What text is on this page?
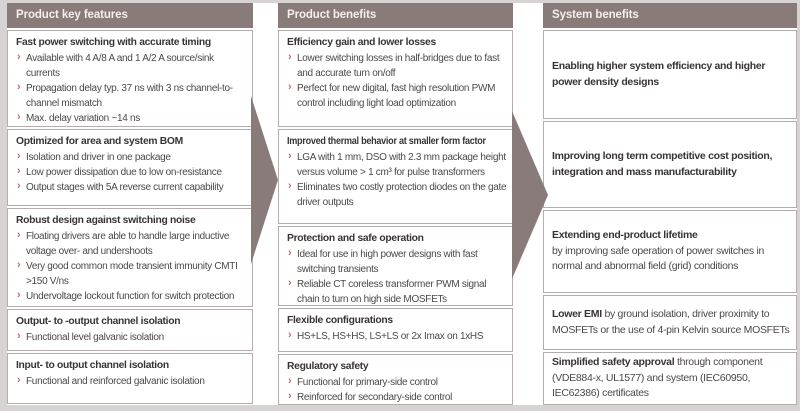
Product key features
Fast power switching with accurate timing
› Available with 4 A/8 A and 1 A/2 A source/sink currents
› Propagation delay typ. 37 ns with 3 ns channel-to-channel mismatch
› Max. delay variation ~14 ns
Optimized for area and system BOM
› Isolation and driver in one package
› Low power dissipation due to low on-resistance
› Output stages with 5A reverse current capability
Robust design against switching noise
› Floating drivers are able to handle large inductive voltage over- and undershoots
› Very good common mode transient immunity CMTI >150 V/ns
› Undervoltage lockout function for switch protection
Output- to -output channel isolation
› Functional level galvanic isolation
Input- to output channel isolation
› Functional and reinforced galvanic isolation
Product benefits
Efficiency gain and lower losses
› Lower switching losses in half-bridges due to fast and accurate turn on/off
› Perfect for new digital, fast high resolution PWM control including light load optimization
Improved thermal behavior at smaller form factor
› LGA with 1 mm, DSO with 2.3 mm package height versus volume > 1 cm³ for pulse transformers
› Eliminates two costly protection diodes on the gate driver outputs
Protection and safe operation
› Ideal for use in high power designs with fast switching transients
› Reliable CT coreless transformer PWM signal chain to turn on high side MOSFETs
Flexible configurations
› HS+LS, HS+HS, LS+LS or 2x Imax on 1xHS
Regulatory safety
› Functional for primary-side control
› Reinforced for secondary-side control
System benefits

Enabling higher system efficiency and higher power density designs

Improving long term competitive cost position, integration and mass manufacturability

Extending end-product lifetime
by improving safe operation of power switches in normal and abnormal field (grid) conditions

Lower EMI by ground isolation, driver proximity to MOSFETs or the use of 4-pin Kelvin source MOSFETs

Simplified safety approval through component (VDE884-x, UL1577) and system (IEC60950, IEC62386) certificates
